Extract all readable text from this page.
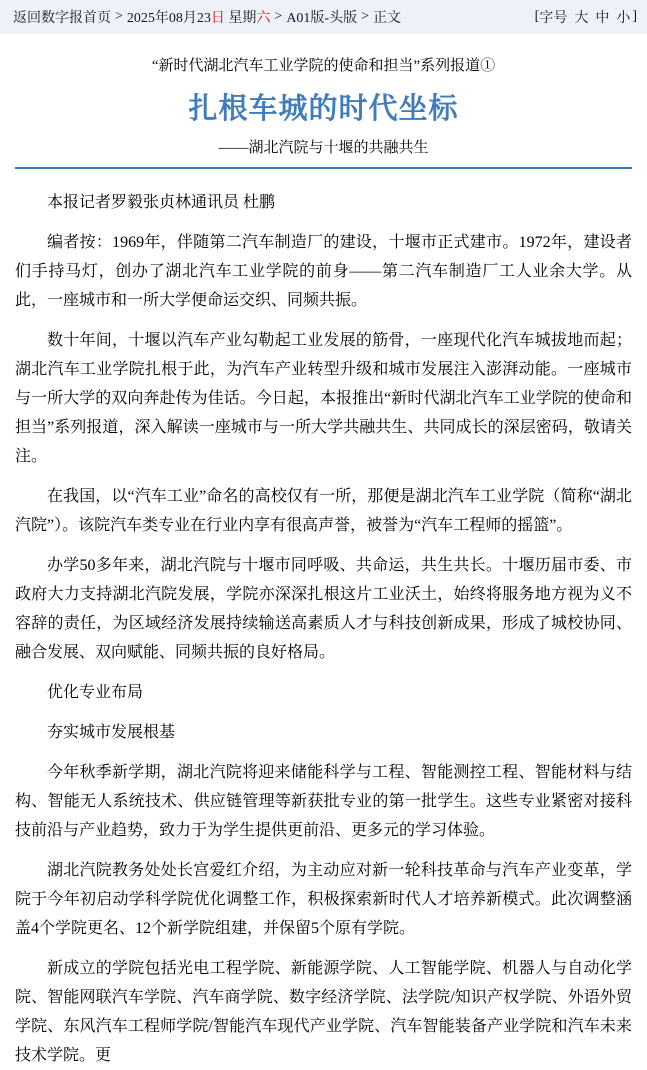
返回数字报首页 > 2025年08月23日 星期六 > A01版-头版 > 正文	[ 字号 大 中 小 ]
“新时代湖北汽车工业学院的使命和担当”系列报道①
扎根车城的时代坐标
——湖北汽院与十堰的共融共生

本报记者罗毅张贞林通讯员 杜鹏

编者按：1969年，伴随第二汽车制造厂的建设，十堰市正式建市。1972年，建设者们手持马灯，创办了湖北汽车工业学院的前身——第二汽车制造厂工人业余大学。从此，一座城市和一所大学便命运交织、同频共振。

数十年间，十堰以汽车产业勾勒起工业发展的筋骨，一座现代化汽车城拔地而起；湖北汽车工业学院扎根于此，为汽车产业转型升级和城市发展注入澎湃动能。一座城市与一所大学的双向奔赴传为佳话。今日起，本报推出“新时代湖北汽车工业学院的使命和担当”系列报道，深入解读一座城市与一所大学共融共生、共同成长的深层密码，敬请关注。

在我国，以“汽车工业”命名的高校仅有一所，那便是湖北汽车工业学院（简称“湖北汽院”）。该院汽车类专业在行业内享有很高声誉，被誉为“汽车工程师的摇篮”。

办学50多年来，湖北汽院与十堰市同呼吸、共命运，共生共长。十堰历届市委、市政府大力支持湖北汽院发展，学院亦深深扎根这片工业沃土，始终将服务地方视为义不容辞的责任，为区域经济发展持续输送高素质人才与科技创新成果，形成了城校协同、融合发展、双向赋能、同频共振的良好格局。

优化专业布局

夯实城市发展根基

今年秋季新学期，湖北汽院将迎来储能科学与工程、智能测控工程、智能材料与结构、智能无人系统技术、供应链管理等新获批专业的第一批学生。这些专业紧密对接科技前沿与产业趋势，致力于为学生提供更前沿、更多元的学习体验。

湖北汽院教务处处长宫爱红介绍，为主动应对新一轮科技革命与汽车产业变革，学院于今年初启动学科学院优化调整工作，积极探索新时代人才培养新模式。此次调整涵盖4个学院更名、12个新学院组建，并保留5个原有学院。

新成立的学院包括光电工程学院、新能源学院、人工智能学院、机器人与自动化学院、智能网联汽车学院、汽车商学院、数字经济学院、法学院/知识产权学院、外语外贸学院、东风汽车工程师学院/智能汽车现代产业学院、汽车智能装备产业学院和汽车未来技术学院。更
